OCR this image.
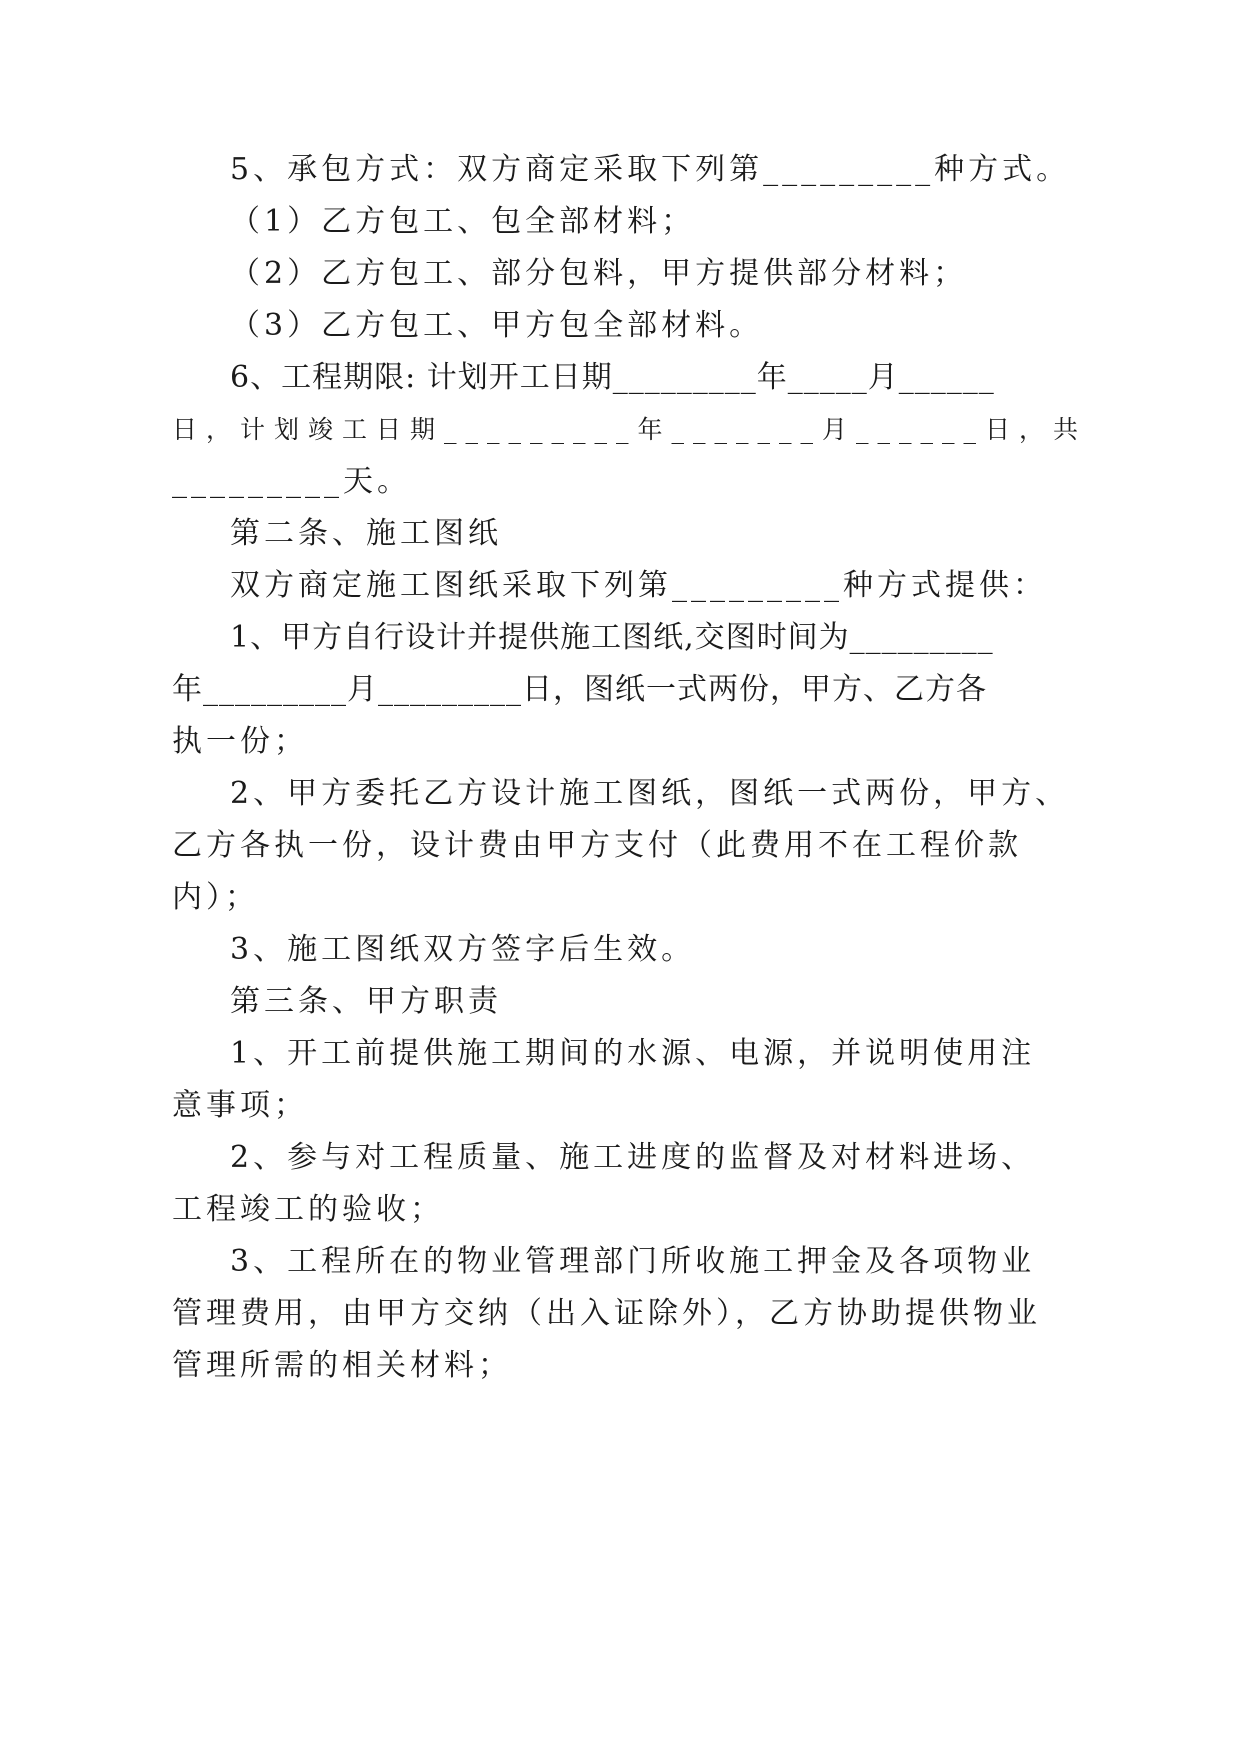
5、承包方式：双方商定采取下列第_________种方式。

（1）乙方包工、包全部材料；

（2）乙方包工、部分包料，甲方提供部分材料；

（3）乙方包工、甲方包全部材料。

6、工程期限: 计划开工日期_________年_____月______

日，计划竣工日期_________年_______月______日，共

_________天。

第二条、施工图纸

双方商定施工图纸采取下列第_________种方式提供：

1、甲方自行设计并提供施工图纸,交图时间为_________

年_________月_________日，图纸一式两份，甲方、乙方各

执一份；

2、甲方委托乙方设计施工图纸，图纸一式两份，甲方、

乙方各执一份，设计费由甲方支付（此费用不在工程价款

内）；

3、施工图纸双方签字后生效。

第三条、甲方职责

1、开工前提供施工期间的水源、电源，并说明使用注

意事项；

2、参与对工程质量、施工进度的监督及对材料进场、

工程竣工的验收；

3、工程所在的物业管理部门所收施工押金及各项物业

管理费用，由甲方交纳（出入证除外），乙方协助提供物业

管理所需的相关材料；
